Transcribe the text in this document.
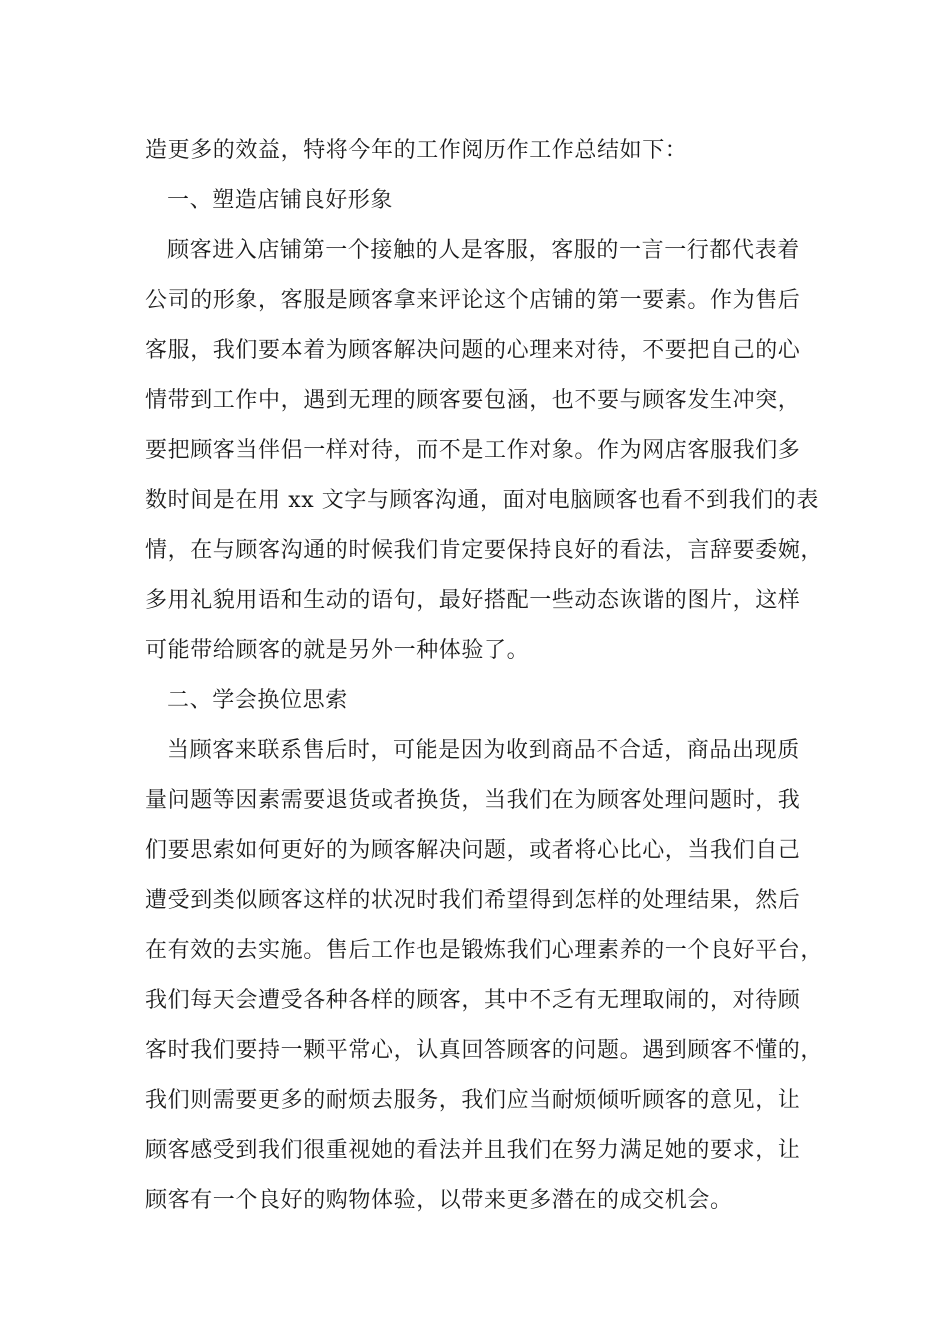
造更多的效益，特将今年的工作阅历作工作总结如下：
一、塑造店铺良好形象
顾客进入店铺第一个接触的人是客服，客服的一言一行都代表着
公司的形象，客服是顾客拿来评论这个店铺的第一要素。作为售后
客服，我们要本着为顾客解决问题的心理来对待，不要把自己的心
情带到工作中，遇到无理的顾客要包涵，也不要与顾客发生冲突，
要把顾客当伴侣一样对待，而不是工作对象。作为网店客服我们多
数时间是在用 xx 文字与顾客沟通，面对电脑顾客也看不到我们的表
情，在与顾客沟通的时候我们肯定要保持良好的看法，言辞要委婉，
多用礼貌用语和生动的语句，最好搭配一些动态诙谐的图片，这样
可能带给顾客的就是另外一种体验了。
二、学会换位思索
当顾客来联系售后时，可能是因为收到商品不合适，商品出现质
量问题等因素需要退货或者换货，当我们在为顾客处理问题时，我
们要思索如何更好的为顾客解决问题，或者将心比心，当我们自己
遭受到类似顾客这样的状况时我们希望得到怎样的处理结果，然后
在有效的去实施。售后工作也是锻炼我们心理素养的一个良好平台，
我们每天会遭受各种各样的顾客，其中不乏有无理取闹的，对待顾
客时我们要持一颗平常心，认真回答顾客的问题。遇到顾客不懂的，
我们则需要更多的耐烦去服务，我们应当耐烦倾听顾客的意见，让
顾客感受到我们很重视她的看法并且我们在努力满足她的要求，让
顾客有一个良好的购物体验，以带来更多潜在的成交机会。
